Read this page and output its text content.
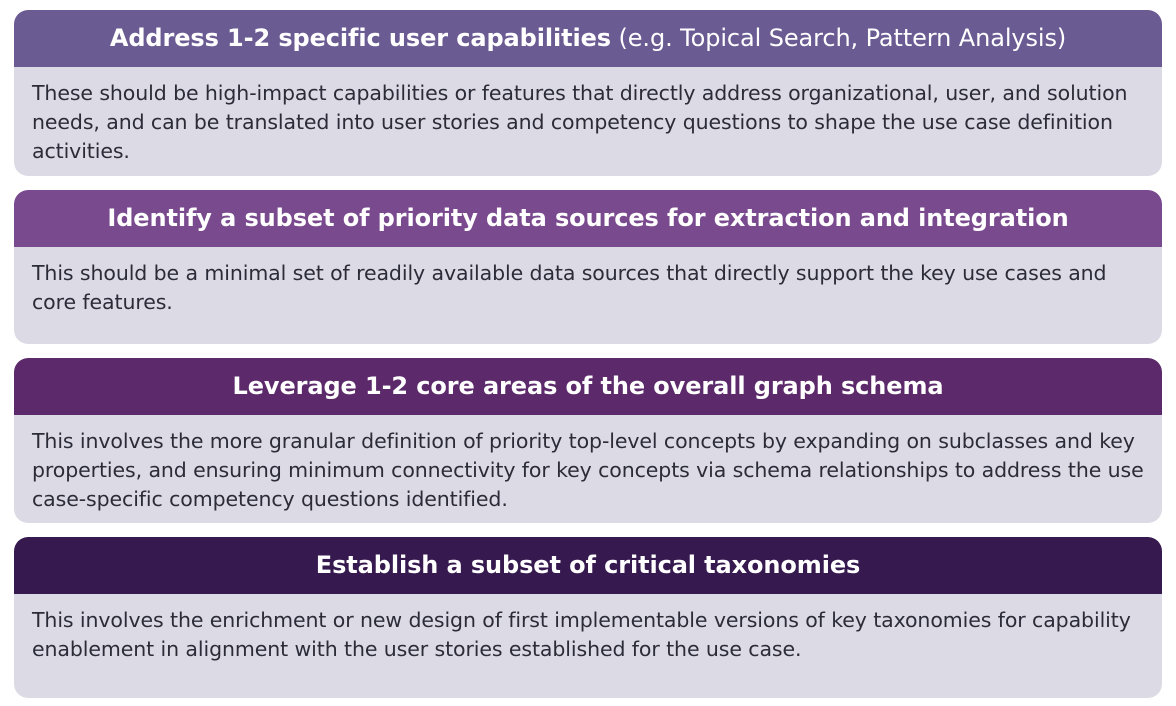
Address 1-2 specific user capabilities (e.g. Topical Search, Pattern Analysis)
These should be high-impact capabilities or features that directly address organizational, user, and solution needs, and can be translated into user stories and competency questions to shape the use case definition activities.
Identify a subset of priority data sources for extraction and integration
This should be a minimal set of readily available data sources that directly support the key use cases and core features.
Leverage 1-2 core areas of the overall graph schema
This involves the more granular definition of priority top-level concepts by expanding on subclasses and key properties, and ensuring minimum connectivity for key concepts via schema relationships to address the use case-specific competency questions identified.
Establish a subset of critical taxonomies
This involves the enrichment or new design of first implementable versions of key taxonomies for capability enablement in alignment with the user stories established for the use case.
